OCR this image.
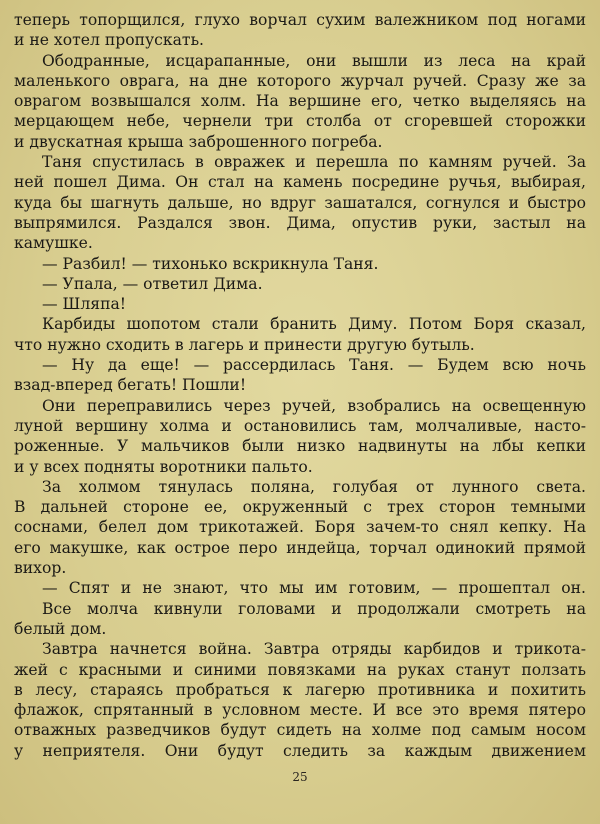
теперь топорщился, глухо ворчал сухим валежником под ногами
и не хотел пропускать.
Ободранные, исцарапанные, они вышли из леса на край
маленького оврага, на дне которого журчал ручей. Сразу же за
оврагом возвышался холм. На вершине его, четко выделяясь на
мерцающем небе, чернели три столба от сгоревшей сторожки
и двускатная крыша заброшенного погреба.
Таня спустилась в овражек и перешла по камням ручей. За
ней пошел Дима. Он стал на камень посредине ручья, выбирая,
куда бы шагнуть дальше, но вдруг зашатался, согнулся и быстро
выпрямился. Раздался звон. Дима, опустив руки, застыл на
камушке.
— Разбил! — тихонько вскрикнула Таня.
— Упала, — ответил Дима.
— Шляпа!
Карбиды шопотом стали бранить Диму. Потом Боря сказал,
что нужно сходить в лагерь и принести другую бутыль.
— Ну да еще! — рассердилась Таня. — Будем всю ночь
взад-вперед бегать! Пошли!
Они переправились через ручей, взобрались на освещенную
луной вершину холма и остановились там, молчаливые, насто-
роженные. У мальчиков были низко надвинуты на лбы кепки
и у всех подняты воротники пальто.
За холмом тянулась поляна, голубая от лунного света.
В дальней стороне ее, окруженный с трех сторон темными
соснами, белел дом трикотажей. Боря зачем-то снял кепку. На
его макушке, как острое перо индейца, торчал одинокий прямой
вихор.
— Спят и не знают, что мы им готовим, — прошептал он.
Все молча кивнули головами и продолжали смотреть на
белый дом.
Завтра начнется война. Завтра отряды карбидов и трикота-
жей с красными и синими повязками на руках станут ползать
в лесу, стараясь пробраться к лагерю противника и похитить
флажок, спрятанный в условном месте. И все это время пятеро
отважных разведчиков будут сидеть на холме под самым носом
у неприятеля. Они будут следить за каждым движением
25
